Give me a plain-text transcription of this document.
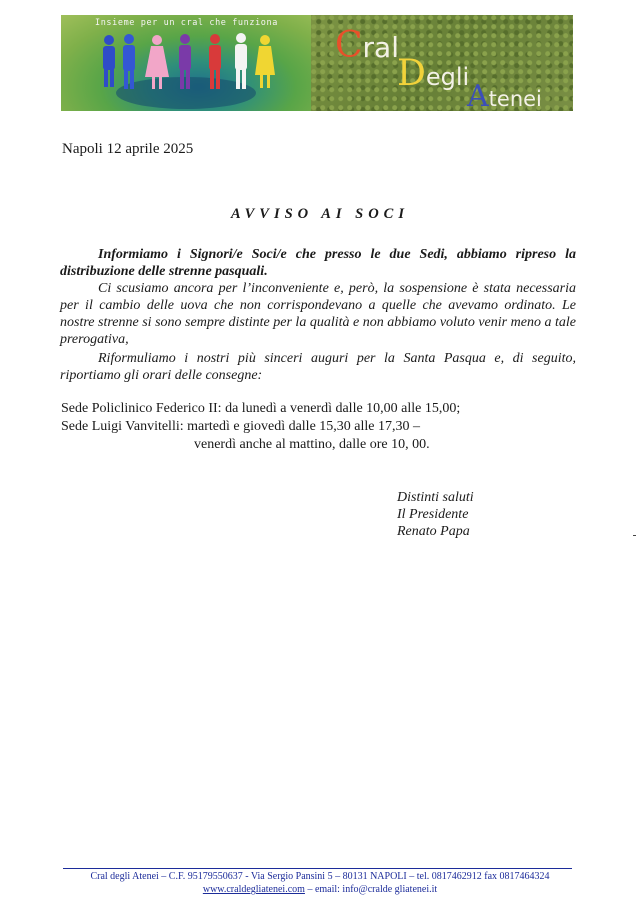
Insieme per un cral che funziona
Cral
Degli
Atenei
Napoli 12 aprile 2025
AVVISO AI SOCI
Informiamo i Signori/e Soci/e che presso le due Sedi, abbiamo ripreso la distribuzione delle strenne pasquali.
Ci scusiamo ancora per l’inconveniente e, però, la sospensione è stata necessaria per il cambio delle uova che non corrispondevano a quelle che avevamo ordinato. Le nostre strenne si sono sempre distinte per la qualità e non abbiamo voluto venir meno a tale prerogativa,
Riformuliamo i nostri più sinceri auguri per la Santa Pasqua e, di seguito, riportiamo gli orari delle consegne:
Sede Policlinico Federico II: da lunedì a venerdì dalle 10,00 alle 15,00;
Sede Luigi Vanvitelli: martedì e giovedì dalle 15,30 alle 17,30 –
venerdì anche al mattino, dalle ore 10, 00.
Distinti saluti
Il Presidente
Renato Papa
Cral degli Atenei – C.F. 95179550637 - Via Sergio Pansini 5 – 80131 NAPOLI – tel. 0817462912 fax 0817464324
www.craldegliatenei.com – email: info@cralde gliatenei.it
